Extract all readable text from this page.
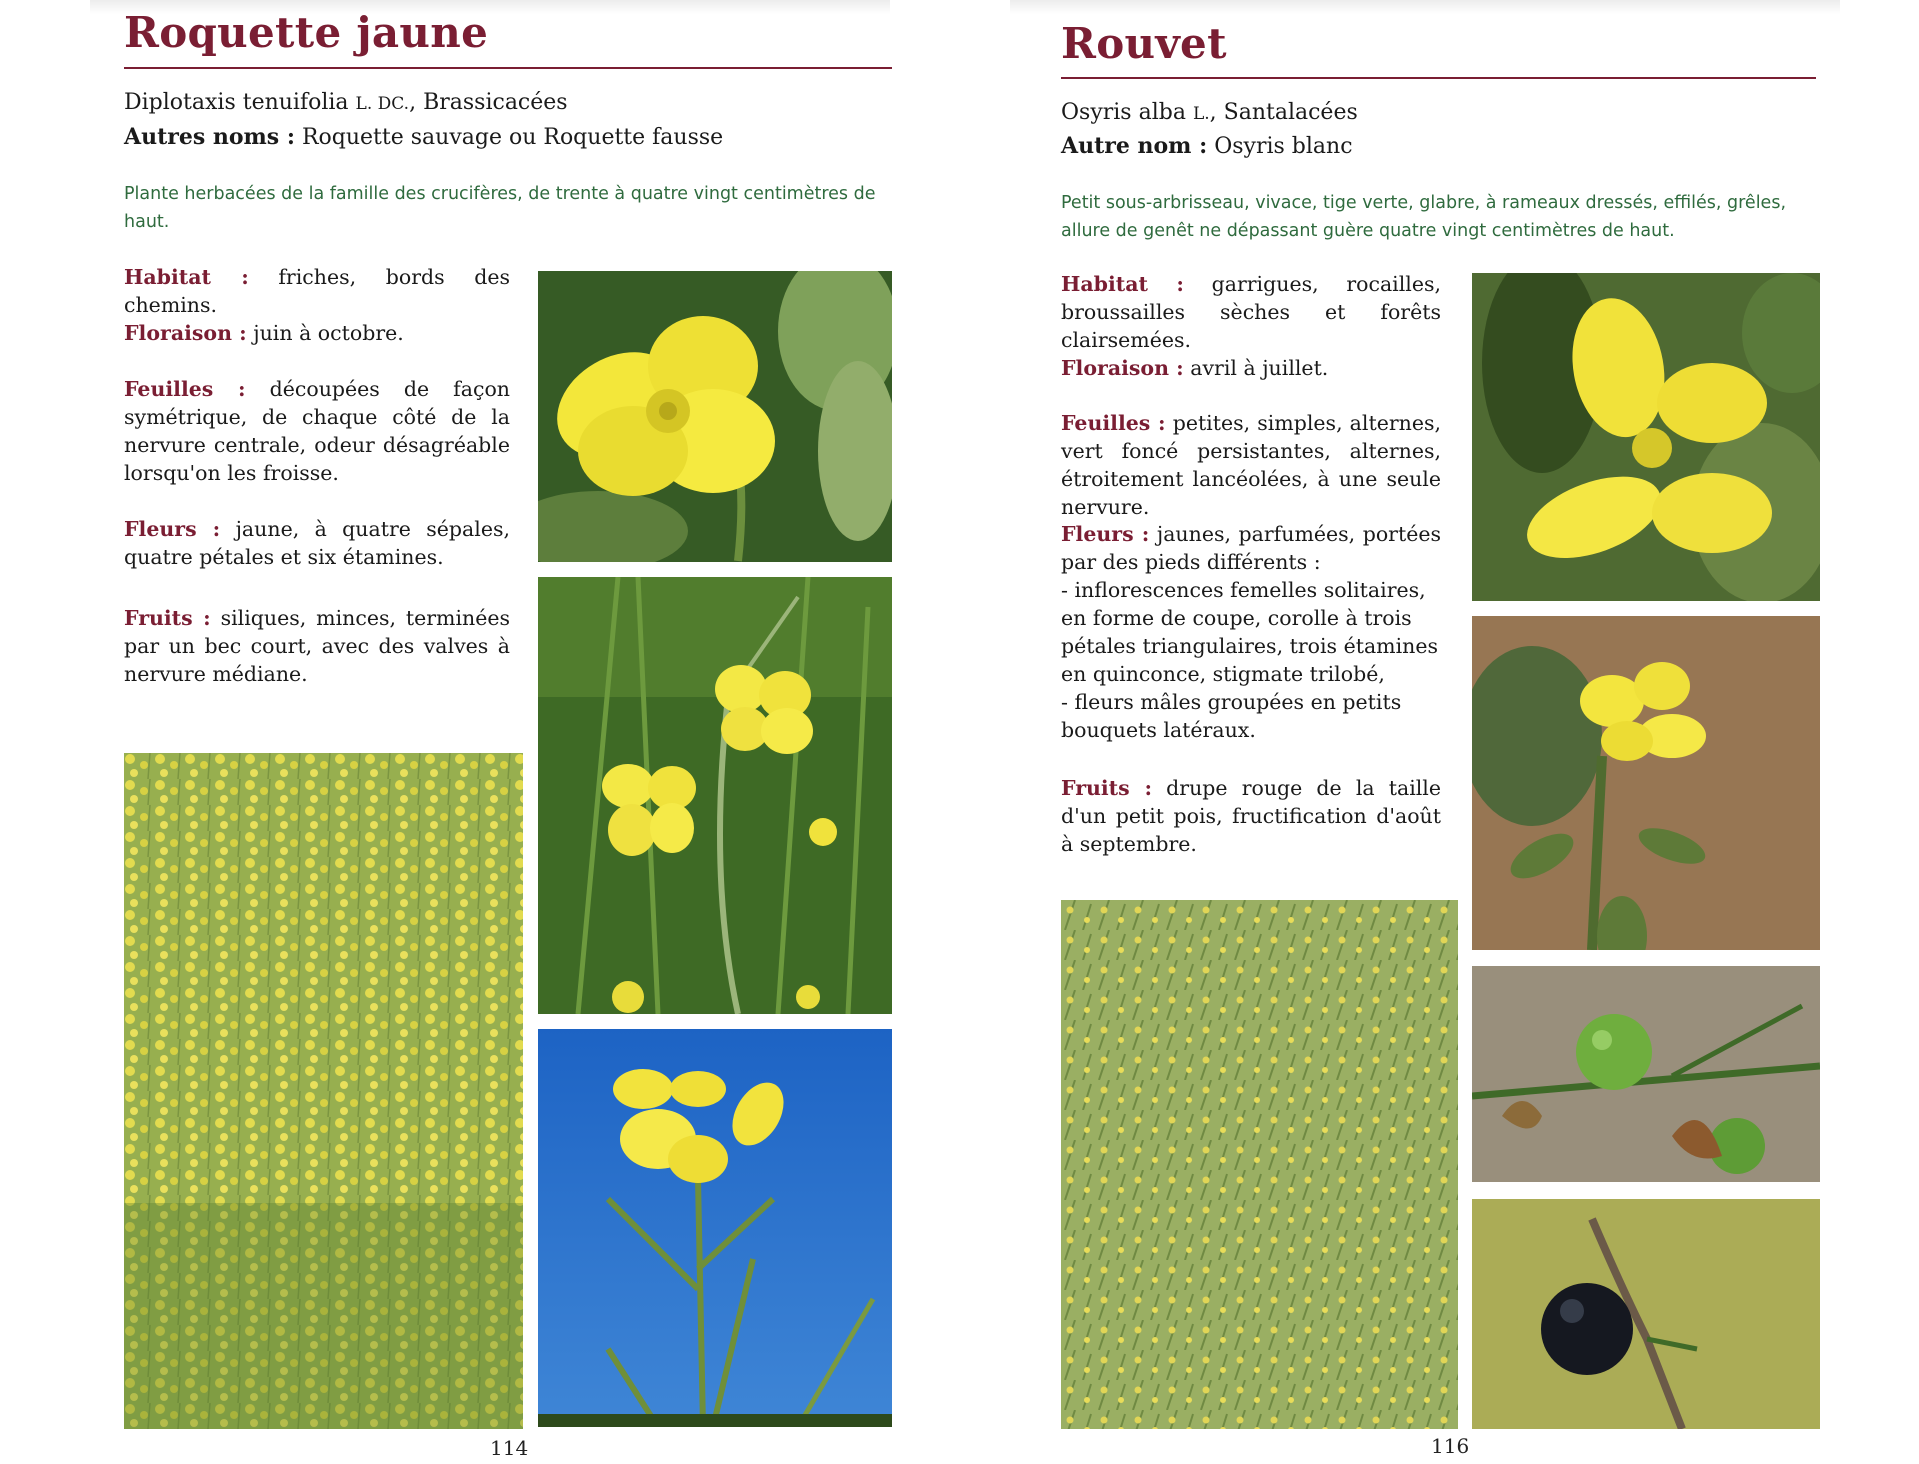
Roquette jaune

Diplotaxis tenuifolia L. DC., Brassicacées

Autres noms : Roquette sauvage ou Roquette fausse

Plante herbacées de la famille des crucifères, de trente à quatre vingt centimètres de haut.

Habitat : friches, bords des chemins.

Floraison : juin à octobre.

Feuilles : découpées de façon symétrique, de chaque côté de la nervure centrale, odeur désagréable lorsqu'on les froisse.

Fleurs : jaune, à quatre sépales, quatre pétales et six étamines.

Fruits : siliques, minces, terminées par un bec court, avec des valves à nervure médiane.

114

Rouvet

Osyris alba L., Santalacées

Autre nom : Osyris blanc

Petit sous-arbrisseau, vivace, tige verte, glabre, à rameaux dressés, effilés, grêles, allure de genêt ne dépassant guère quatre vingt centimètres de haut.

Habitat : garrigues, rocailles, broussailles sèches et forêts clairsemées.

Floraison : avril à juillet.

Feuilles : petites, simples, alternes, vert foncé persistantes, alternes, étroitement lancéolées, à une seule nervure.

Fleurs : jaunes, parfumées, portées par des pieds différents :
- inflorescences femelles solitaires, en forme de coupe, corolle à trois pétales triangulaires, trois étamines en quinconce, stigmate trilobé,
- fleurs mâles groupées en petits bouquets latéraux.

Fruits : drupe rouge de la taille d'un petit pois, fructification d'août à septembre.

116
